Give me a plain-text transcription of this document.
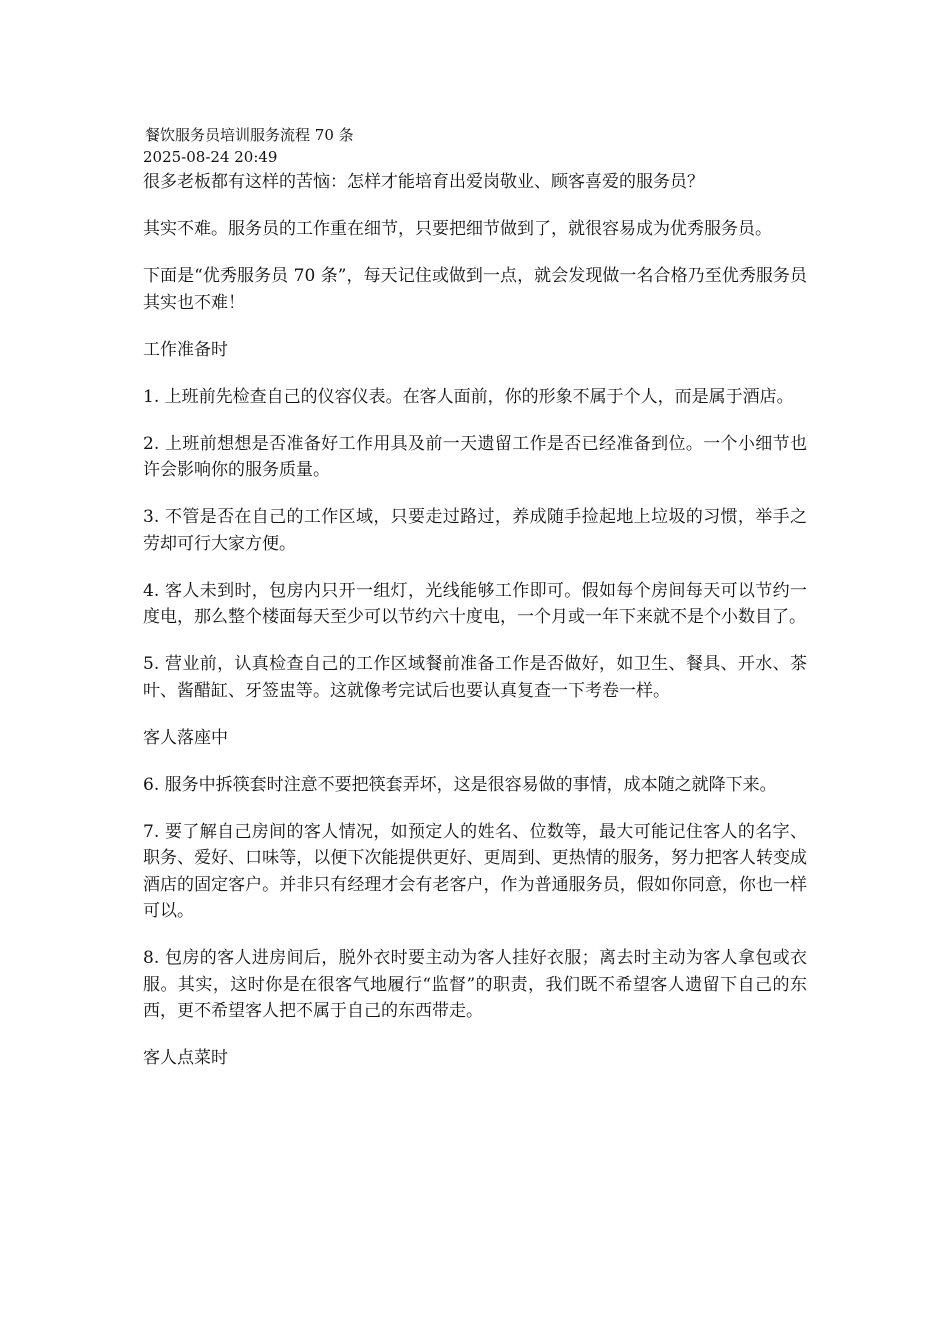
餐饮服务员培训服务流程 70 条
2025-08-24 20:49

很多老板都有这样的苦恼：怎样才能培育出爱岗敬业、顾客喜爱的服务员？

其实不难。服务员的工作重在细节，只要把细节做到了，就很容易成为优秀服务员。

下面是“优秀服务员 70 条”，每天记住或做到一点，就会发现做一名合格乃至优秀服务员其实也不难！

工作准备时

1. 上班前先检查自己的仪容仪表。在客人面前，你的形象不属于个人，而是属于酒店。

2. 上班前想想是否准备好工作用具及前一天遗留工作是否已经准备到位。一个小细节也许会影响你的服务质量。

3. 不管是否在自己的工作区域，只要走过路过，养成随手捡起地上垃圾的习惯，举手之劳却可行大家方便。

4. 客人未到时，包房内只开一组灯，光线能够工作即可。假如每个房间每天可以节约一度电，那么整个楼面每天至少可以节约六十度电，一个月或一年下来就不是个小数目了。

5. 营业前，认真检查自己的工作区域餐前准备工作是否做好，如卫生、餐具、开水、茶叶、酱醋缸、牙签盅等。这就像考完试后也要认真复查一下考卷一样。

客人落座中

6. 服务中拆筷套时注意不要把筷套弄坏，这是很容易做的事情，成本随之就降下来。

7. 要了解自己房间的客人情况，如预定人的姓名、位数等，最大可能记住客人的名字、职务、爱好、口味等，以便下次能提供更好、更周到、更热情的服务，努力把客人转变成酒店的固定客户。并非只有经理才会有老客户，作为普通服务员，假如你同意，你也一样可以。

8. 包房的客人进房间后，脱外衣时要主动为客人挂好衣服；离去时主动为客人拿包或衣服。其实，这时你是在很客气地履行“监督”的职责，我们既不希望客人遗留下自己的东西，更不希望客人把不属于自己的东西带走。

客人点菜时
